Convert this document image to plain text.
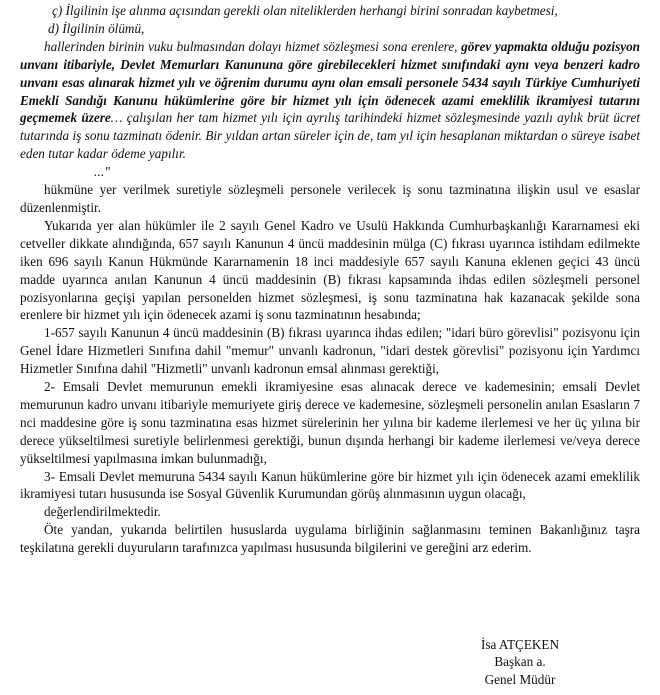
ç) İlgilinin işe alınma açısından gerekli olan niteliklerden herhangi birini sonradan kaybetmesi,

d) İlgilinin ölümü,

hallerinden birinin vuku bulmasından dolayı hizmet sözleşmesi sona erenlere, görev yapmakta olduğu pozisyon unvanı itibariyle, Devlet Memurları Kanununa göre girebilecekleri hizmet sınıfındaki aynı veya benzeri kadro unvanı esas alınarak hizmet yılı ve öğrenim durumu aynı olan emsali personele 5434 sayılı Türkiye Cumhuriyeti Emekli Sandığı Kanunu hükümlerine göre bir hizmet yılı için ödenecek azami emeklilik ikramiyesi tutarını geçmemek üzere… çalışılan her tam hizmet yılı için ayrılış tarihindeki hizmet sözleşmesinde yazılı aylık brüt ücret tutarında iş sonu tazminatı ödenir. Bir yıldan artan süreler için de, tam yıl için hesaplanan miktardan o süreye isabet eden tutar kadar ödeme yapılır.

..."

hükmüne yer verilmek suretiyle sözleşmeli personele verilecek iş sonu tazminatına ilişkin usul ve esaslar düzenlenmiştir.

Yukarıda yer alan hükümler ile 2 sayılı Genel Kadro ve Usulü Hakkında Cumhurbaşkanlığı Kararnamesi eki cetveller dikkate alındığında, 657 sayılı Kanunun 4 üncü maddesinin mülga (C) fıkrası uyarınca istihdam edilmekte iken 696 sayılı Kanun Hükmünde Kararnamenin 18 inci maddesiyle 657 sayılı Kanuna eklenen geçici 43 üncü madde uyarınca anılan Kanunun 4 üncü maddesinin (B) fıkrası kapsamında ihdas edilen sözleşmeli personel pozisyonlarına geçişi yapılan personelden hizmet sözleşmesi, iş sonu tazminatına hak kazanacak şekilde sona erenlere bir hizmet yılı için ödenecek azami iş sonu tazminatının hesabında;

1-657 sayılı Kanunun 4 üncü maddesinin (B) fıkrası uyarınca ihdas edilen; "idari büro görevlisi" pozisyonu için Genel İdare Hizmetleri Sınıfına dahil "memur" unvanlı kadronun, "idari destek görevlisi" pozisyonu için Yardımcı Hizmetler Sınıfına dahil "Hizmetli" unvanlı kadronun emsal alınması gerektiği,

2- Emsali Devlet memurunun emekli ikramiyesine esas alınacak derece ve kademesinin; emsali Devlet memurunun kadro unvanı itibariyle memuriyete giriş derece ve kademesine, sözleşmeli personelin anılan Esasların 7 nci maddesine göre iş sonu tazminatına esas hizmet sürelerinin her yılına bir kademe ilerlemesi ve her üç yılına bir derece yükseltilmesi suretiyle belirlenmesi gerektiği, bunun dışında herhangi bir kademe ilerlemesi ve/veya derece yükseltilmesi yapılmasına imkan bulunmadığı,

3- Emsali Devlet memuruna 5434 sayılı Kanun hükümlerine göre bir hizmet yılı için ödenecek azami emeklilik ikramiyesi tutarı hususunda ise Sosyal Güvenlik Kurumundan görüş alınmasının uygun olacağı,

değerlendirilmektedir.

Öte yandan, yukarıda belirtilen hususlarda uygulama birliğinin sağlanmasını teminen Bakanlığınız taşra teşkilatına gerekli duyuruların tarafınızca yapılması hususunda bilgilerini ve gereğini arz ederim.

İsa ATÇEKEN
Başkan a.
Genel Müdür
